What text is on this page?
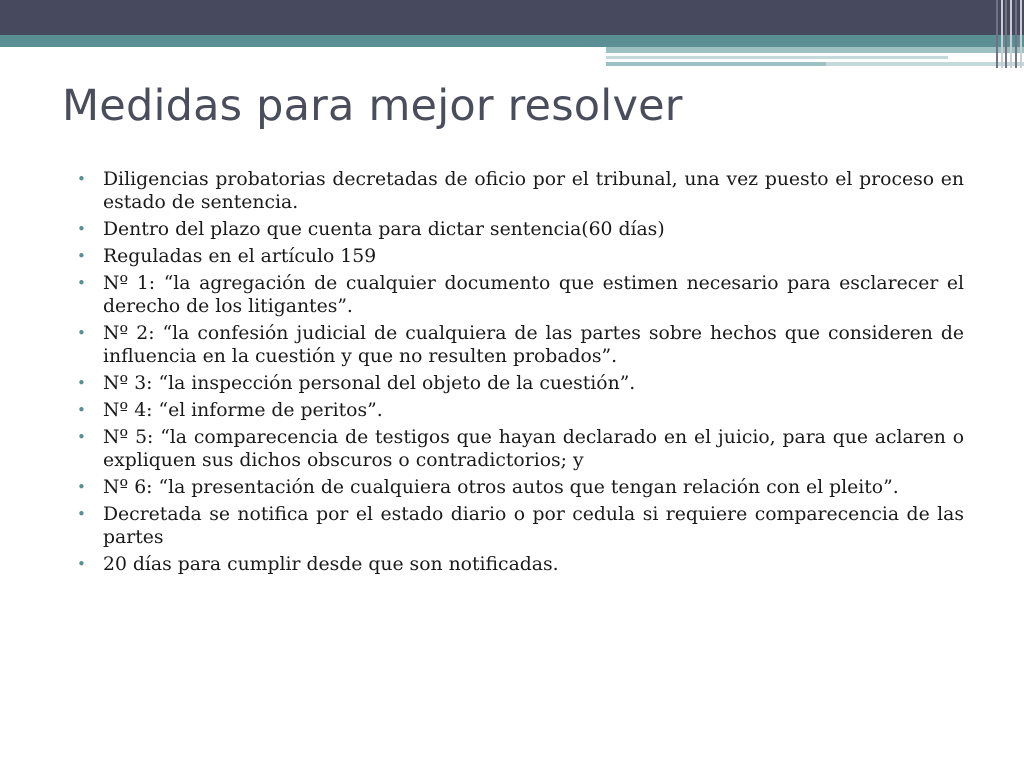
Medidas para mejor resolver
• Diligencias probatorias decretadas de oficio por el tribunal, una vez puesto el proceso en estado de sentencia.
• Dentro del plazo que cuenta para dictar sentencia(60 días)
• Reguladas en el artículo 159
• Nº 1: “la agregación de cualquier documento que estimen necesario para esclarecer el derecho de los litigantes”.
• Nº 2: “la confesión judicial de cualquiera de las partes sobre hechos que consideren de influencia en la cuestión y que no resulten probados”.
• Nº 3: “la inspección personal del objeto de la cuestión”.
• Nº 4: “el informe de peritos”.
• Nº 5: “la comparecencia de testigos que hayan declarado en el juicio, para que aclaren o expliquen sus dichos obscuros o contradictorios; y
• Nº 6: “la presentación de cualquiera otros autos que tengan relación con el pleito”.
• Decretada se notifica por el estado diario o por cedula si requiere comparecencia de las partes
• 20 días para cumplir desde que son notificadas.
